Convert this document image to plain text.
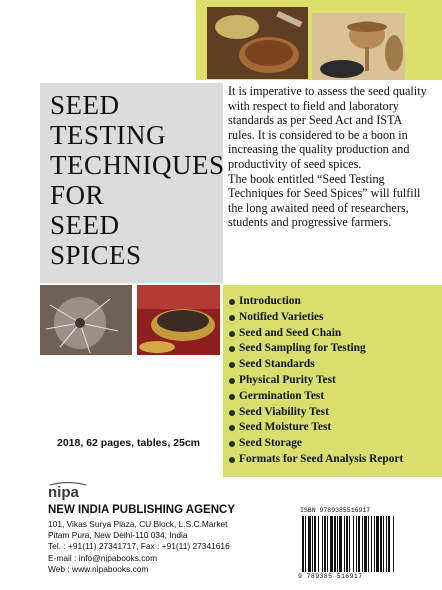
SEED
TESTING
TECHNIQUES
FOR
SEED
SPICES

It is imperative to assess the seed quality with respect to field and laboratory standards as per Seed Act and ISTA rules. It is considered to be a boon in increasing the quality production and productivity of seed spices.

The book entitled “Seed Testing Techniques for Seed Spices” will fulfill the long awaited need of researchers, students and progressive farmers.

Introduction
Notified Varieties
Seed and Seed Chain
Seed Sampling for Testing
Seed Standards
Physical Purity Test
Germination Test
Seed Viability Test
Seed Moisture Test
Seed Storage
Formats for Seed Analysis Report
2018, 62 pages, tables, 25cm
nipa
NEW INDIA PUBLISHING AGENCY
101, Vikas Surya Plaza, CU Block, L.S.C.Market
Pitam Pura, New Delhi-110 034, India
Tel. : +91(11) 27341717, Fax : +91(11) 27341616
E-mail : info@nipabooks.com
Web : www.nipabooks.com
ISBN 9789385516917
9 789385 516917
